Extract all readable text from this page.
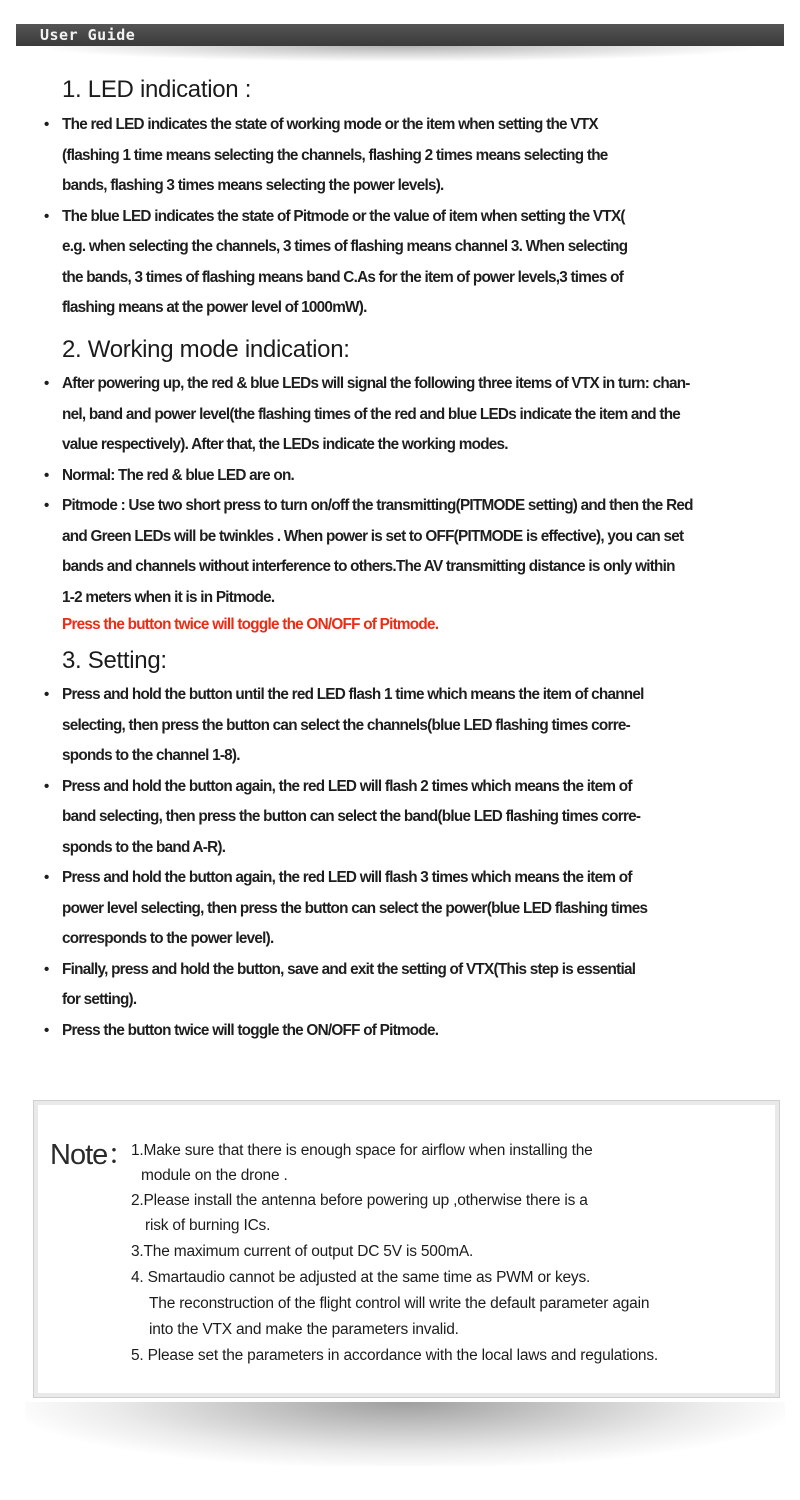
User Guide
1. LED indication :
• The red LED indicates the state of working mode or the item when setting the VTX
(flashing 1 time means selecting the channels, flashing 2 times means selecting the
bands, flashing 3 times means selecting the power levels).
• The blue LED indicates the state of Pitmode or the value of item when setting the VTX(
e.g. when selecting the channels, 3 times of flashing means channel 3. When selecting
the bands, 3 times of flashing means band C.As for the item of power levels,3 times of
flashing means at the power level of 1000mW).
2. Working mode indication:
• After powering up, the red & blue LEDs will signal the following three items of VTX in turn: chan-
nel, band and power level(the flashing times of the red and blue LEDs indicate the item and the
value respectively). After that, the LEDs indicate the working modes.
• Normal: The red & blue LED are on.
• Pitmode : Use two short press to turn on/off the transmitting(PITMODE setting) and then the Red
and Green LEDs will be twinkles . When power is set to OFF(PITMODE is effective), you can set
bands and channels without interference to others.The AV transmitting distance is only within
1-2 meters when it is in Pitmode.
Press the button twice will toggle the ON/OFF of Pitmode.
3. Setting:
• Press and hold the button until the red LED flash 1 time which means the item of channel
selecting, then press the button can select the channels(blue LED flashing times corre-
sponds to the channel 1-8).
• Press and hold the button again, the red LED will flash 2 times which means the item of
band selecting, then press the button can select the band(blue LED flashing times corre-
sponds to the band A-R).
• Press and hold the button again, the red LED will flash 3 times which means the item of
power level selecting, then press the button can select the power(blue LED flashing times
corresponds to the power level).
• Finally, press and hold the button, save and exit the setting of VTX(This step is essential
for setting).
• Press the button twice will toggle the ON/OFF of Pitmode.
Note：
1.Make sure that there is enough space for airflow when installing the
module on the drone .
2.Please install the antenna before powering up ,otherwise there is a
risk of burning ICs.
3.The maximum current of output DC 5V is 500mA.
4. Smartaudio cannot be adjusted at the same time as PWM or keys.
The reconstruction of the flight control will write the default parameter again
into the VTX and make the parameters invalid.
5. Please set the parameters in accordance with the local laws and regulations.
